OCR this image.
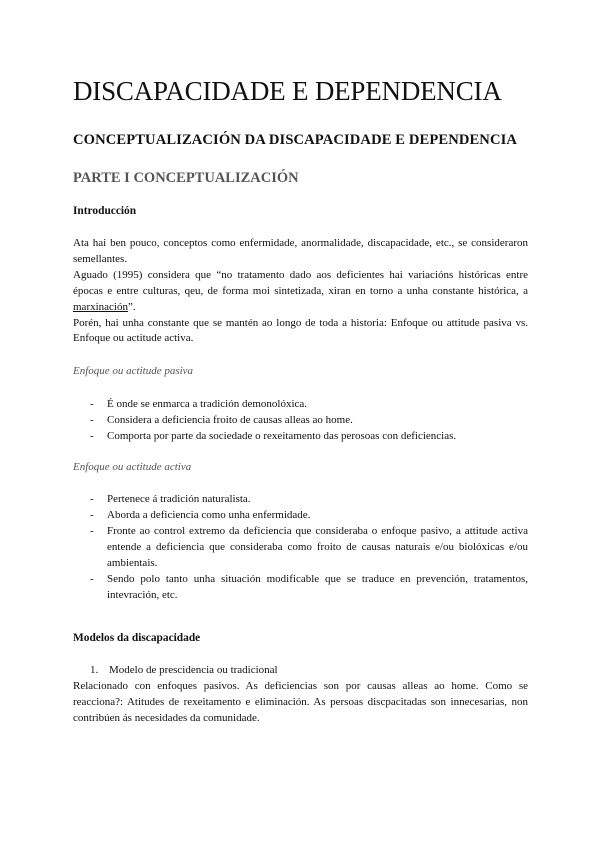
DISCAPACIDADE E DEPENDENCIA
CONCEPTUALIZACIÓN DA DISCAPACIDADE E DEPENDENCIA
PARTE I CONCEPTUALIZACIÓN
Introducción

Ata hai ben pouco, conceptos como enfermidade, anormalidade, discapacidade, etc., se consideraron semellantes.

Aguado (1995) considera que “no tratamento dado aos deficientes hai variacións históricas entre épocas e entre culturas, qeu, de forma moi sintetizada, xiran en torno a unha constante histórica, a marxinación”.

Porén, hai unha constante que se mantén ao longo de toda a historia: Enfoque ou attitude pasiva vs. Enfoque ou actitude activa.

Enfoque ou actitude pasiva
- É onde se enmarca a tradición demonolóxica.
- Considera a deficiencia froito de causas alleas ao home.
- Comporta por parte da sociedade o rexeitamento das perosoas con deficiencias.
Enfoque ou actitude activa
- Pertenece á tradición naturalista.
- Aborda a deficiencia como unha enfermidade.
- Fronte ao control extremo da deficiencia que consideraba o enfoque pasivo, a attitude activa entende a deficiencia que consideraba como froito de causas naturais e/ou biolóxicas e/ou ambientais.
- Sendo polo tanto unha situación modificable que se traduce en prevención, tratamentos, intevración, etc.
Modelos da discapacidade
1. Modelo de prescidencia ou tradicional

Relacionado con enfoques pasivos. As deficiencias son por causas alleas ao home. Como se reacciona?: Atitudes de rexeitamento e eliminación. As persoas discpacitadas son innecesarias, non contribúen ás necesidades da comunidade.
